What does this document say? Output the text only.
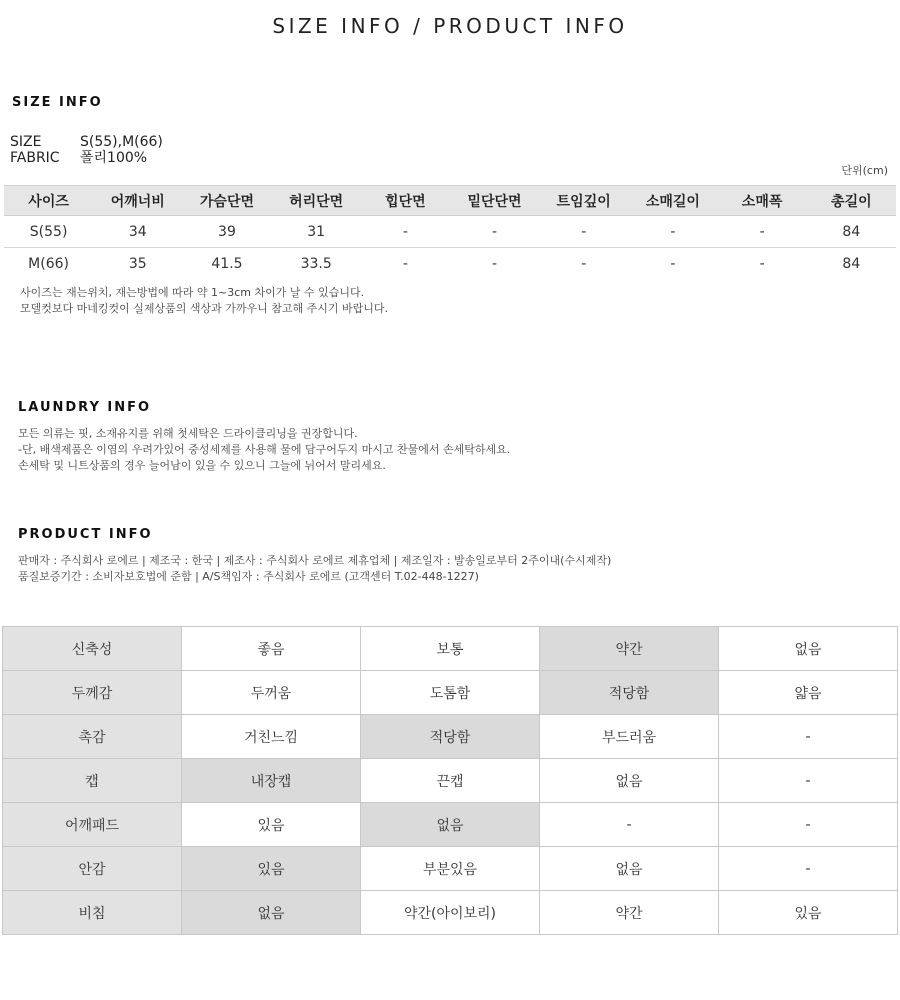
SIZE INFO / PRODUCT INFO
SIZE INFO
SIZE	S(55),M(66)
FABRIC	폴리100%
단위(cm)
사이즈	어깨너비	가슴단면	허리단면	힙단면	밑단단면	트임깊이	소매길이	소매폭	총길이
S(55)	34	39	31	-	-	-	-	-	84
M(66)	35	41.5	33.5	-	-	-	-	-	84
사이즈는 재는위치, 재는방법에 따라 약 1~3cm 차이가 날 수 있습니다.
모델컷보다 마네킹컷이 실제상품의 색상과 가까우니 참고해 주시기 바랍니다.
LAUNDRY INFO
모든 의류는 핏, 소재유지를 위해 첫세탁은 드라이클리닝을 권장합니다.
-단, 배색제품은 이염의 우려가있어 중성세제를 사용해 물에 담구어두지 마시고 찬물에서 손세탁하세요.
손세탁 및 니트상품의 경우 늘어남이 있을 수 있으니 그늘에 뉘어서 말리세요.
PRODUCT INFO
판매자 : 주식회사 로에르 | 제조국 : 한국 | 제조사 : 주식회사 로에르 제휴업체 | 제조일자 : 발송일로부터 2주이내(수시제작)
품질보증기간 : 소비자보호법에 준함 | A/S책임자 : 주식회사 로에르 (고객센터 T.02-448-1227)
신축성	좋음	보통	약간	없음
두께감	두꺼움	도톰함	적당함	얇음
촉감	거친느낌	적당함	부드러움	-
캡	내장캡	끈캡	없음	-
어깨패드	있음	없음	-	-
안감	있음	부분있음	없음	-
비침	없음	약간(아이보리)	약간	있음
